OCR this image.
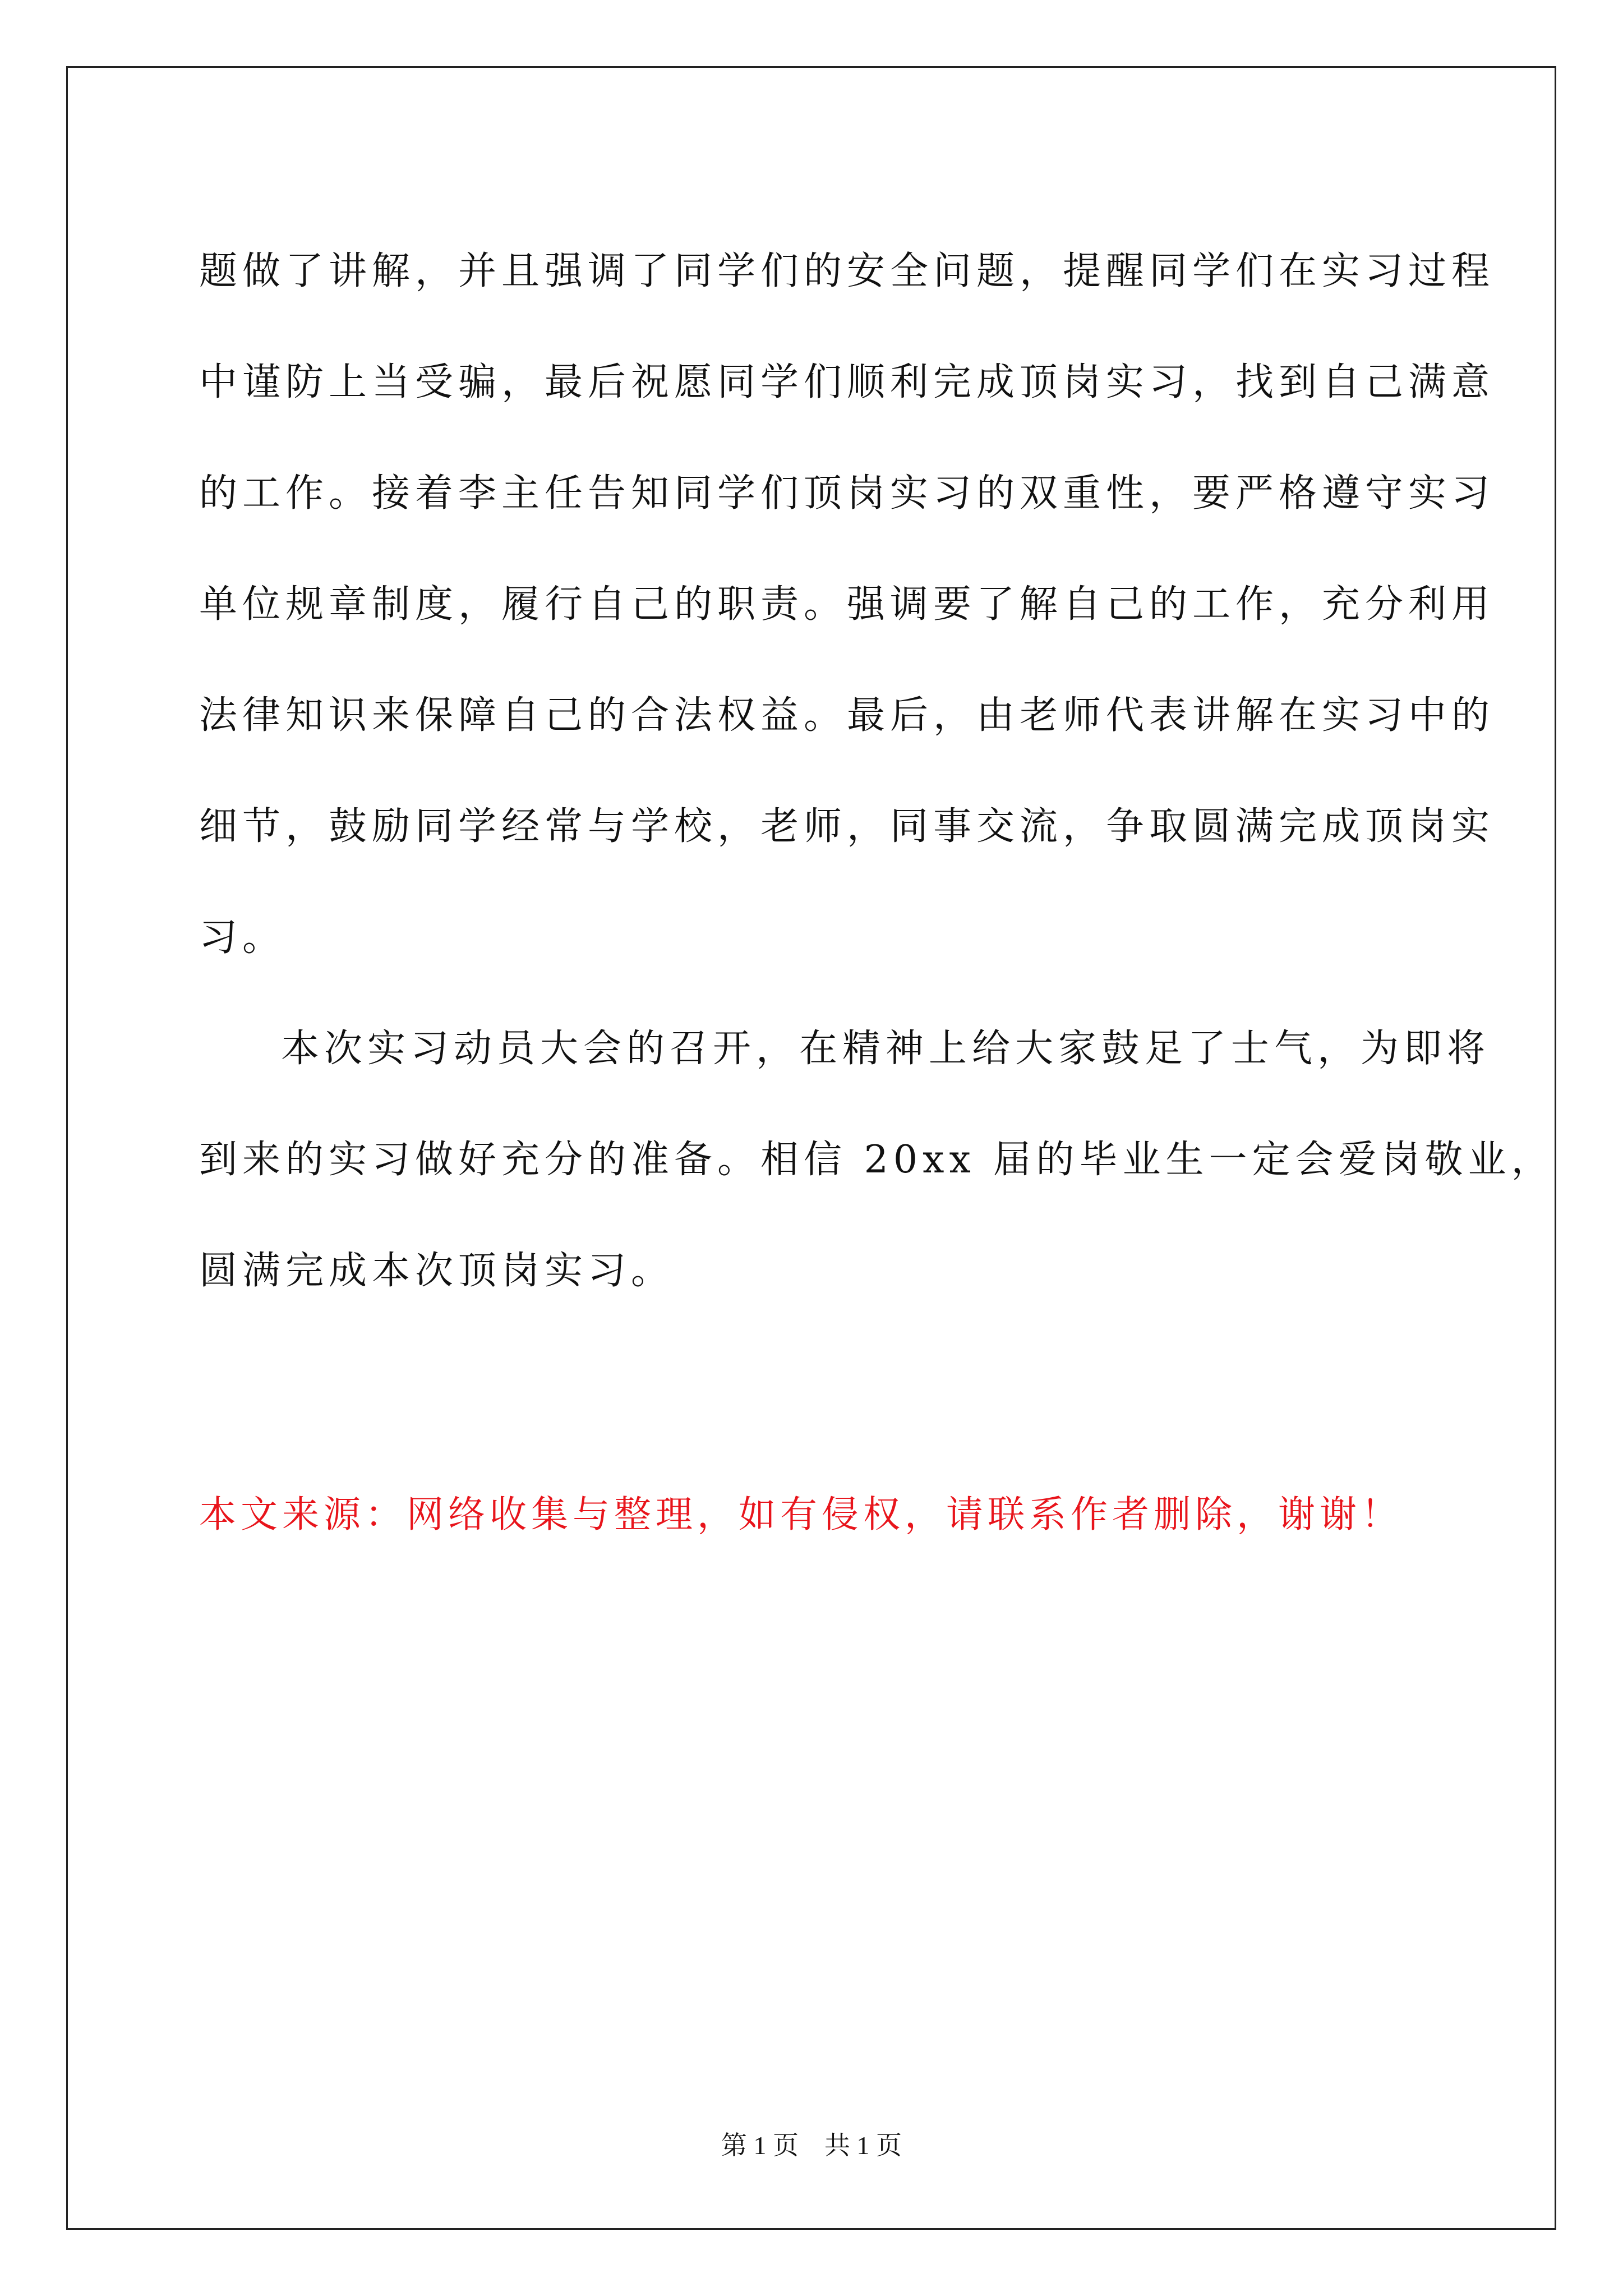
题做了讲解，并且强调了同学们的安全问题，提醒同学们在实习过程
中谨防上当受骗，最后祝愿同学们顺利完成顶岗实习，找到自己满意
的工作。接着李主任告知同学们顶岗实习的双重性，要严格遵守实习
单位规章制度，履行自己的职责。强调要了解自己的工作，充分利用
法律知识来保障自己的合法权益。最后，由老师代表讲解在实习中的
细节，鼓励同学经常与学校，老师，同事交流，争取圆满完成顶岗实
习。
本次实习动员大会的召开，在精神上给大家鼓足了士气，为即将
到来的实习做好充分的准备。相信 20xx 届的毕业生一定会爱岗敬业，
圆满完成本次顶岗实习。
本文来源：网络收集与整理，如有侵权，请联系作者删除，谢谢！
第 1 页　共 1 页
